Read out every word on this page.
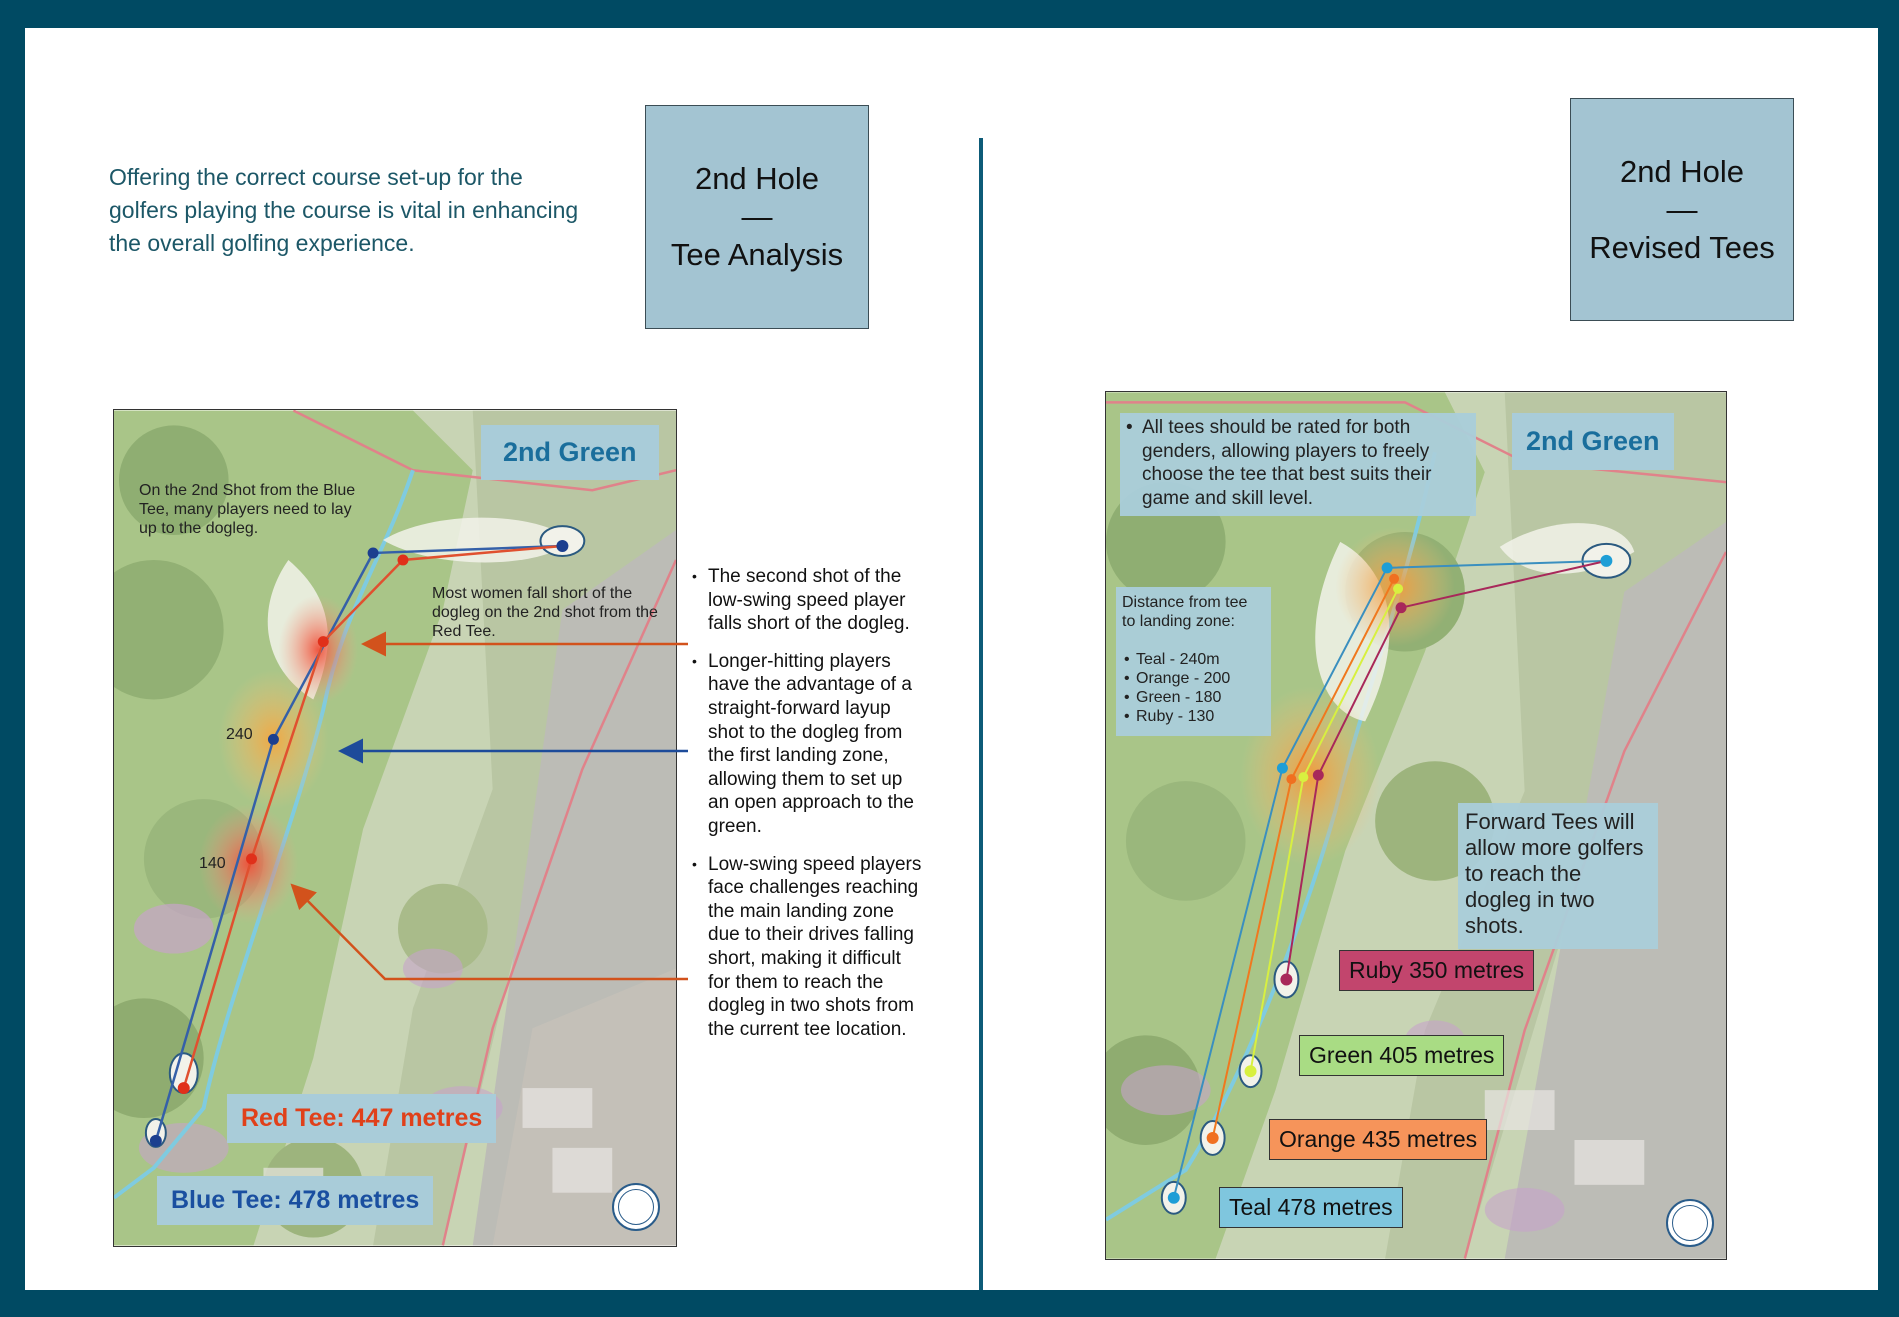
Offering the correct course set-up for the golfers playing the course is vital in enhancing the overall golfing experience.

2nd Hole
—
Tee Analysis
2nd Hole
—
Revised Tees
2nd Green
On the 2nd Shot from the Blue Tee, many players need to lay up to the dogleg.
Most women fall short of the dogleg on the 2nd shot from the Red Tee.
240
140
Red Tee: 447 metres
Blue Tee: 478 metres
• The second shot of the low-swing speed player falls short of the dogleg.
• Longer-hitting players have the advantage of a straight-forward layup shot to the dogleg from the first landing zone, allowing them to set up an open approach to the green.
• Low-swing speed players face challenges reaching the main landing zone due to their drives falling short, making it difficult for them to reach the dogleg in two shots from the current tee location.
• All tees should be rated for both genders, allowing players to freely choose the tee that best suits their game and skill level.
2nd Green
Distance from tee to landing zone:
• Teal - 240m
• Orange - 200
• Green - 180
• Ruby - 130
Forward Tees will allow more golfers to reach the dogleg in two shots.
Ruby 350 metres
Green 405 metres
Orange 435 metres
Teal 478 metres
